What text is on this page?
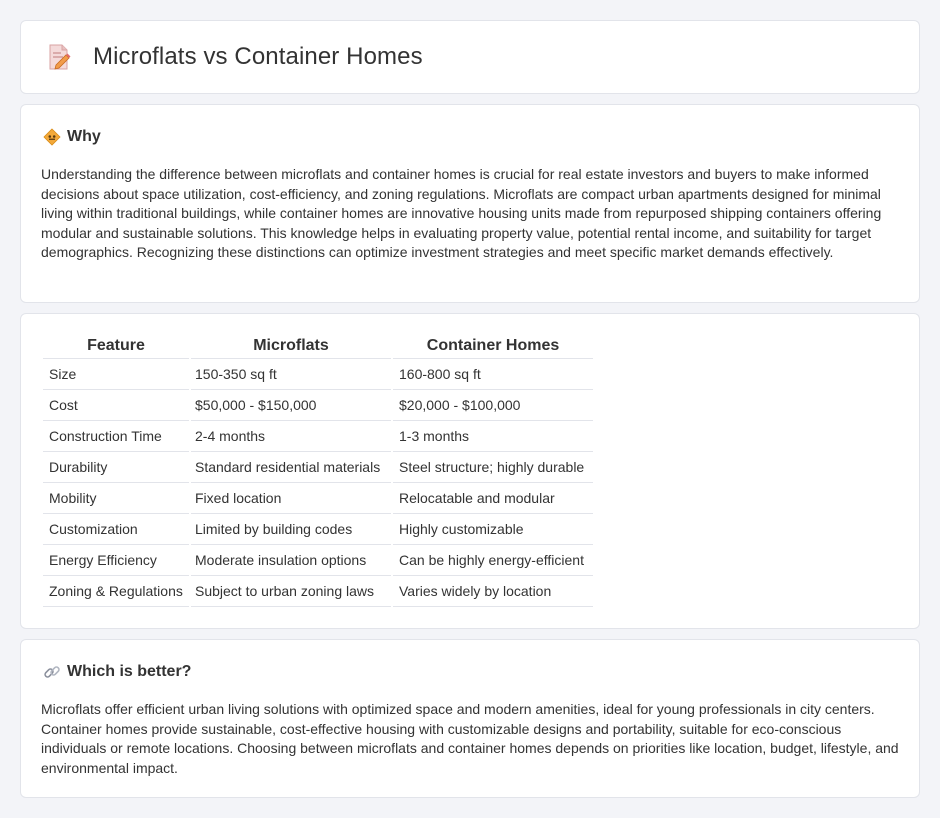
Microflats vs Container Homes
Why

Understanding the difference between microflats and container homes is crucial for real estate investors and buyers to make informed decisions about space utilization, cost-efficiency, and zoning regulations. Microflats are compact urban apartments designed for minimal living within traditional buildings, while container homes are innovative housing units made from repurposed shipping containers offering modular and sustainable solutions. This knowledge helps in evaluating property value, potential rental income, and suitability for target demographics. Recognizing these distinctions can optimize investment strategies and meet specific market demands effectively.

Feature	Microflats	Container Homes
Size	150-350 sq ft	160-800 sq ft
Cost	$50,000 - $150,000	$20,000 - $100,000
Construction Time	2-4 months	1-3 months
Durability	Standard residential materials	Steel structure; highly durable
Mobility	Fixed location	Relocatable and modular
Customization	Limited by building codes	Highly customizable
Energy Efficiency	Moderate insulation options	Can be highly energy-efficient
Zoning & Regulations	Subject to urban zoning laws	Varies widely by location
Which is better?

Microflats offer efficient urban living solutions with optimized space and modern amenities, ideal for young professionals in city centers. Container homes provide sustainable, cost-effective housing with customizable designs and portability, suitable for eco-conscious individuals or remote locations. Choosing between microflats and container homes depends on priorities like location, budget, lifestyle, and environmental impact.
